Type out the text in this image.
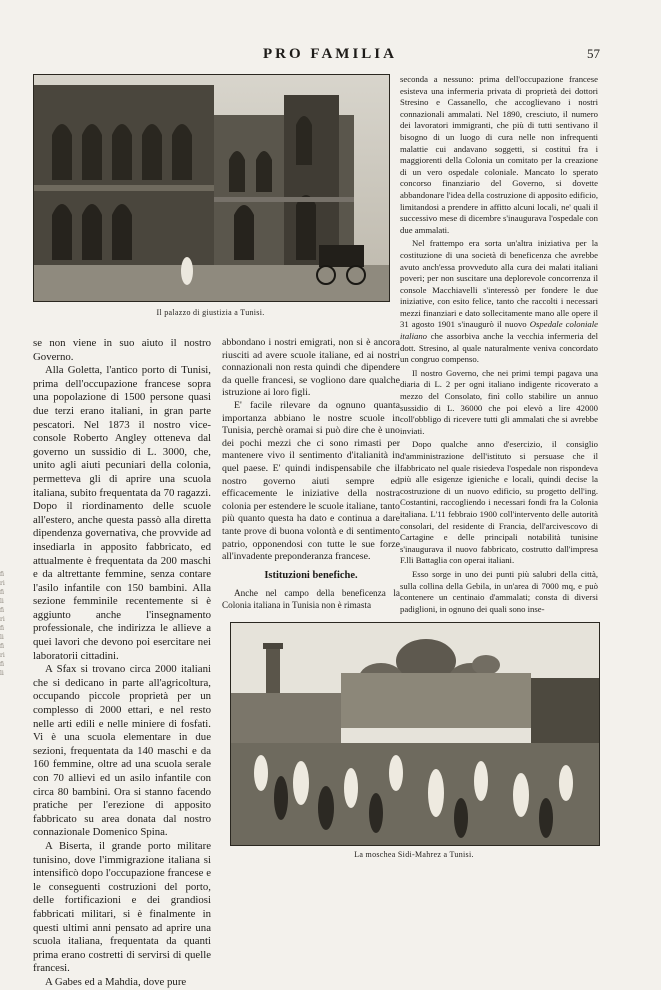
PRO FAMILIA	57
Il palazzo di giustizia a Tunisi.

se non viene in suo aiuto il nostro Governo.

Alla Goletta, l'antico porto di Tunisi, prima dell'occupazione francese sopra una popolazione di 1500 persone quasi due terzi erano italiani, in gran parte pescatori. Nel 1873 il nostro vice-console Roberto Angley otteneva dal governo un sussidio di L. 3000, che, unito agli aiuti pecuniari della colonia, permetteva gli di aprire una scuola italiana, subito frequentata da 70 ragazzi. Dopo il riordinamento delle scuole all'estero, anche questa passò alla diretta dipendenza governativa, che provvide ad insediarla in apposito fabbricato, ed attualmente è frequentata da 200 maschi e da altrettante femmine, senza contare l'asilo infantile con 150 bambini. Alla sezione femminile recentemente si è aggiunto anche l'insegnamento professionale, che indirizza le allieve a quei lavori che devono poi esercitare nei laboratorii cittadini.

A Sfax si trovano circa 2000 italiani che si dedicano in parte all'agricoltura, occupando piccole proprietà per un complesso di 2000 ettari, e nel resto nelle arti edili e nelle miniere di fosfati. Vi è una scuola elementare in due sezioni, frequentata da 140 maschi e da 160 femmine, oltre ad una scuola serale con 70 allievi ed un asilo infantile con circa 80 bambini. Ora si stanno facendo pratiche per l'erezione di apposito fabbricato su area donata dal nostro connazionale Domenico Spina.

A Biserta, il grande porto militare tunisino, dove l'immigrazione italiana si intensificò dopo l'occupazione francese e le conseguenti costruzioni del porto, delle fortificazioni e dei grandiosi fabbricati militari, si è finalmente in questi ultimi anni pensato ad aprire una scuola italiana, frequentata da quanti prima erano costretti di servirsi di quelle francesi.

A Gabes ed a Mahdia, dove pure

abbondano i nostri emigrati, non si è ancora riusciti ad avere scuole italiane, ed ai nostri connazionali non resta quindi che dipendere da quelle francesi, se vogliono dare qualche istruzione ai loro figli.

E' facile rilevare da ognuno quanta importanza abbiano le nostre scuole in Tunisia, perchè oramai si può dire che è uno dei pochi mezzi che ci sono rimasti per mantenere vivo il sentimento d'italianità in quel paese. E' quindi indispensabile che il nostro governo aiuti sempre ed efficacemente le iniziative della nostra colonia per estendere le scuole italiane, tanto più quanto questa ha dato e continua a dare tante prove di buona volontà e di sentimento patrio, opponendosi con tutte le sue forze all'invadente preponderanza francese.

Istituzioni benefiche.

Anche nel campo della beneficenza la Colonia italiana in Tunisia non è rimasta

seconda a nessuno: prima dell'occupazione francese esisteva una infermeria privata di proprietà dei dottori Stresino e Cassanello, che accoglievano i nostri connazionali ammalati. Nel 1890, cresciuto, il numero dei lavoratori immigranti, che più di tutti sentivano il bisogno di un luogo di cura nelle non infrequenti malattie cui andavano soggetti, si costituì fra i maggiorenti della Colonia un comitato per la creazione di un vero ospedale coloniale. Mancato lo sperato concorso finanziario del Governo, si dovette abbandonare l'idea della costruzione di apposito edificio, limitandosi a prendere in affitto alcuni locali, ne' quali il successivo mese di dicembre s'inaugurava l'ospedale con due ammalati.

Nel frattempo era sorta un'altra iniziativa per la costituzione di una società di beneficenza che avrebbe avuto anch'essa provveduto alla cura dei malati italiani poveri; per non suscitare una deplorevole concorrenza il console Macchiavelli s'interessò per fondere le due iniziative, con esito felice, tanto che raccolti i necessari mezzi finanziari e dato sollecitamente mano alle opere il 31 agosto 1901 s'inaugurò il nuovo Ospedale coloniale italiano che assorbiva anche la vecchia infermeria del dott. Stresino, al quale naturalmente veniva concordato un congruo compenso.

Il nostro Governo, che nei primi tempi pagava una diaria di L. 2 per ogni italiano indigente ricoverato a mezzo del Consolato, finì collo stabilire un annuo sussidio di L. 36000 che poi elevò a lire 42000 coll'obbligo di ricevere tutti gli ammalati che si avrebbe inviati.

Dopo qualche anno d'esercizio, il consiglio d'amministrazione dell'istituto si persuase che il fabbricato nel quale risiedeva l'ospedale non rispondeva più alle esigenze igieniche e locali, quindi decise la costruzione di un nuovo edificio, su progetto dell'ing. Costantini, raccogliendo i necessari fondi fra la Colonia italiana. L'11 febbraio 1900 coll'intervento delle autorità consolari, del residente di Francia, dell'arcivescovo di Cartagine e delle principali notabilità tunisine s'inaugurava il nuovo fabbricato, costrutto dall'impresa F.lli Battaglia con operai italiani.

Esso sorge in uno dei punti più salubri della città, sulla collina della Gebila, in un'area di 7000 mq, e può contenere un centinaio d'ammalati; consta di diversi padiglioni, in ognuno dei quali sono inse-

La moschea Sidi-Mahrez a Tunisi.
fi ri fi li fi ri fi li fi ri fi li
